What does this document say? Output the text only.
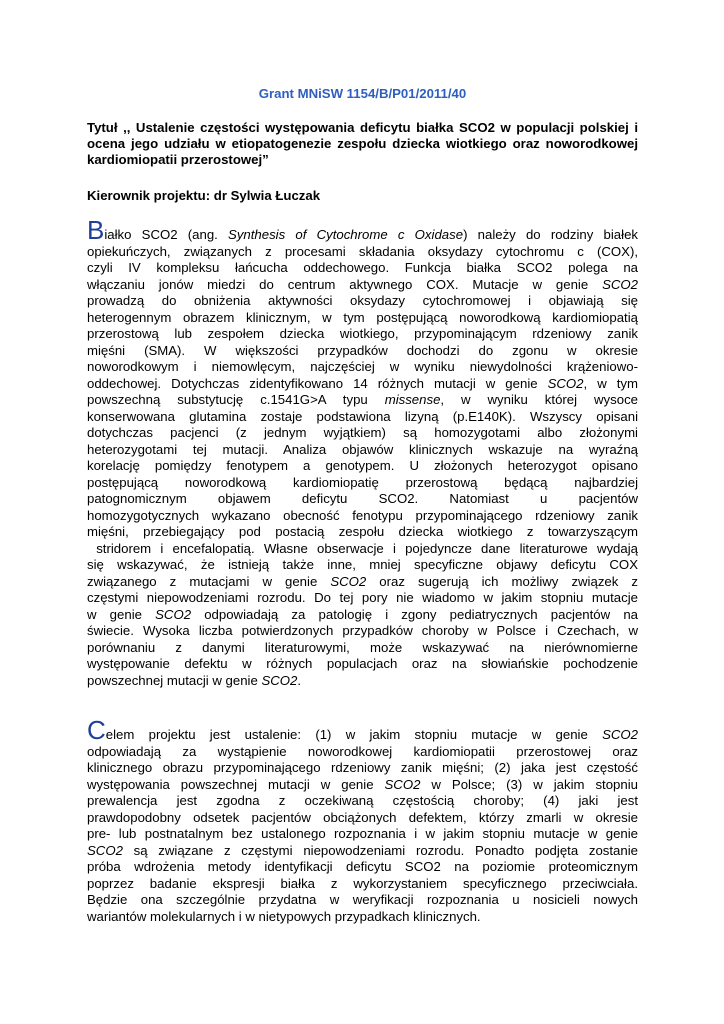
Grant MNiSW 1154/B/P01/2011/40
Tytuł ,, Ustalenie częstości występowania deficytu białka SCO2 w populacji polskiej i ocena jego udziału w etiopatogenezie zespołu dziecka wiotkiego oraz noworodkowej kardiomiopatii przerostowej”
Kierownik projektu: dr Sylwia Łuczak
Białko SCO2 (ang. Synthesis of Cytochrome c Oxidase) należy do rodziny białek
opiekuńczych, związanych z procesami składania oksydazy cytochromu c (COX),
czyli IV kompleksu łańcucha oddechowego. Funkcja białka SCO2 polega na
włączaniu jonów miedzi do centrum aktywnego COX. Mutacje w genie SCO2
prowadzą do obniżenia aktywności oksydazy cytochromowej i objawiają się
heterogennym obrazem klinicznym, w tym postępującą noworodkową kardiomiopatią
przerostową lub zespołem dziecka wiotkiego, przypominającym rdzeniowy zanik
mięśni (SMA). W większości przypadków dochodzi do zgonu w okresie
noworodkowym i niemowlęcym, najczęściej w wyniku niewydolności krążeniowo-
oddechowej. Dotychczas zidentyfikowano 14 różnych mutacji w genie SCO2, w tym
powszechną substytucję c.1541G>A typu missense, w wyniku której wysoce
konserwowana glutamina zostaje podstawiona lizyną (p.E140K). Wszyscy opisani
dotychczas pacjenci (z jednym wyjątkiem) są homozygotami albo złożonymi
heterozygotami tej mutacji. Analiza objawów klinicznych wskazuje na wyraźną
korelację pomiędzy fenotypem a genotypem. U złożonych heterozygot opisano
postępującą noworodkową kardiomiopatię przerostową będącą najbardziej
patognomicznym objawem deficytu SCO2. Natomiast u pacjentów
homozygotycznych wykazano obecność fenotypu przypominającego rdzeniowy zanik
mięśni, przebiegający pod postacią zespołu dziecka wiotkiego z towarzyszącym
stridorem i encefalopatią. Własne obserwacje i pojedyncze dane literaturowe wydają
się wskazywać, że istnieją także inne, mniej specyficzne objawy deficytu COX
związanego z mutacjami w genie SCO2 oraz sugerują ich możliwy związek z
częstymi niepowodzeniami rozrodu. Do tej pory nie wiadomo w jakim stopniu mutacje
w genie SCO2 odpowiadają za patologię i zgony pediatrycznych pacjentów na
świecie. Wysoka liczba potwierdzonych przypadków choroby w Polsce i Czechach, w
porównaniu z danymi literaturowymi, może wskazywać na nierównomierne
występowanie defektu w różnych populacjach oraz na słowiańskie pochodzenie
powszechnej mutacji w genie SCO2.
Celem projektu jest ustalenie: (1) w jakim stopniu mutacje w genie SCO2
odpowiadają za wystąpienie noworodkowej kardiomiopatii przerostowej oraz
klinicznego obrazu przypominającego rdzeniowy zanik mięśni; (2) jaka jest częstość
występowania powszechnej mutacji w genie SCO2 w Polsce; (3) w jakim stopniu
prewalencja jest zgodna z oczekiwaną częstością choroby; (4) jaki jest
prawdopodobny odsetek pacjentów obciążonych defektem, którzy zmarli w okresie
pre- lub postnatalnym bez ustalonego rozpoznania i w jakim stopniu mutacje w genie
SCO2 są związane z częstymi niepowodzeniami rozrodu. Ponadto podjęta zostanie
próba wdrożenia metody identyfikacji deficytu SCO2 na poziomie proteomicznym
poprzez badanie ekspresji białka z wykorzystaniem specyficznego przeciwciała.
Będzie ona szczególnie przydatna w weryfikacji rozpoznania u nosicieli nowych
wariantów molekularnych i w nietypowych przypadkach klinicznych.
